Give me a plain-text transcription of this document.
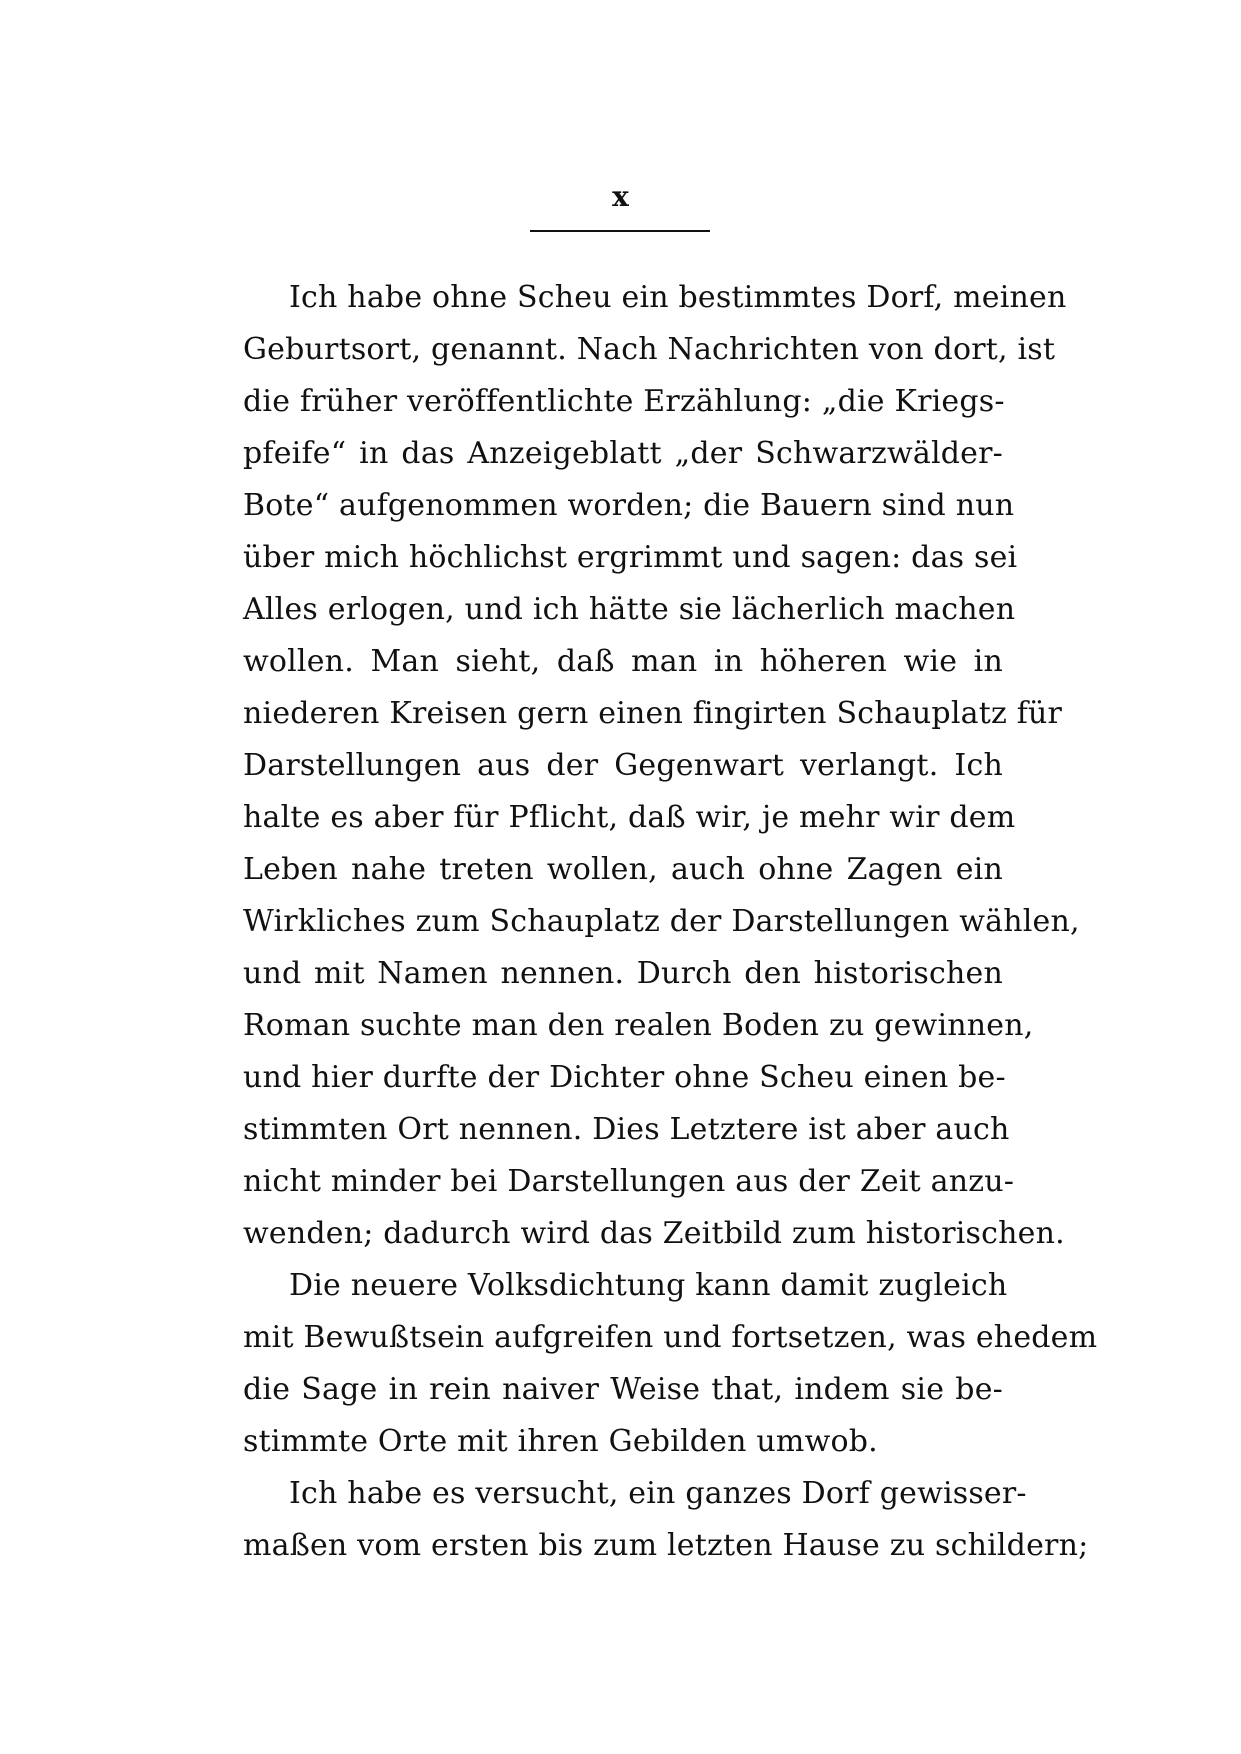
x
Ich habe ohne Scheu ein bestimmtes Dorf, meinen
Geburtsort, genannt. Nach Nachrichten von dort, ist
die früher veröffentlichte Erzählung: „die Kriegs-
pfeife“ in das Anzeigeblatt „der Schwarzwälder-
Bote“ aufgenommen worden; die Bauern sind nun
über mich höchlichst ergrimmt und sagen: das sei
Alles erlogen, und ich hätte sie lächerlich machen
wollen. Man sieht, daß man in höheren wie in
niederen Kreisen gern einen fingirten Schauplatz für
Darstellungen aus der Gegenwart verlangt. Ich
halte es aber für Pflicht, daß wir, je mehr wir dem
Leben nahe treten wollen, auch ohne Zagen ein
Wirkliches zum Schauplatz der Darstellungen wählen,
und mit Namen nennen. Durch den historischen
Roman suchte man den realen Boden zu gewinnen,
und hier durfte der Dichter ohne Scheu einen be-
stimmten Ort nennen. Dies Letztere ist aber auch
nicht minder bei Darstellungen aus der Zeit anzu-
wenden; dadurch wird das Zeitbild zum historischen.
Die neuere Volksdichtung kann damit zugleich
mit Bewußtsein aufgreifen und fortsetzen, was ehedem
die Sage in rein naiver Weise that, indem sie be-
stimmte Orte mit ihren Gebilden umwob.
Ich habe es versucht, ein ganzes Dorf gewisser-
maßen vom ersten bis zum letzten Hause zu schildern;
